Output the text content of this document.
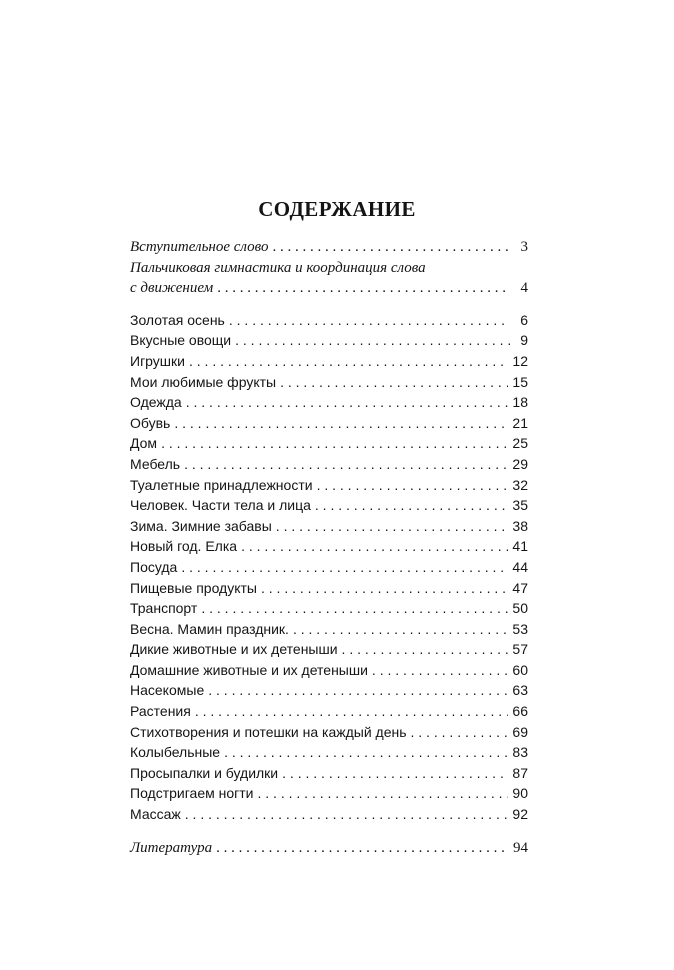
СОДЕРЖАНИЕ
Вступительное слово . . .	3
Пальчиковая гимнастика и координация слова
с движением . . .	4
Золотая осень . . .	6
Вкусные овощи . . .	9
Игрушки . . .	12
Мои любимые фрукты . . .	15
Одежда . . .	18
Обувь . . .	21
Дом . . .	25
Мебель . . .	29
Туалетные принадлежности . . .	32
Человек. Части тела и лица . . .	35
Зима. Зимние забавы . . .	38
Новый год. Елка . . .	41
Посуда . . .	44
Пищевые продукты . . .	47
Транспорт . . .	50
Весна. Мамин праздник. . . .	53
Дикие животные и их детеныши . . .	57
Домашние животные и их детеныши . . .	60
Насекомые . . .	63
Растения . . .	66
Стихотворения и потешки на каждый день . . .	69
Колыбельные . . .	83
Просыпалки и будилки . . .	87
Подстригаем ногти . . .	90
Массаж . . .	92
Литература . . .	94
